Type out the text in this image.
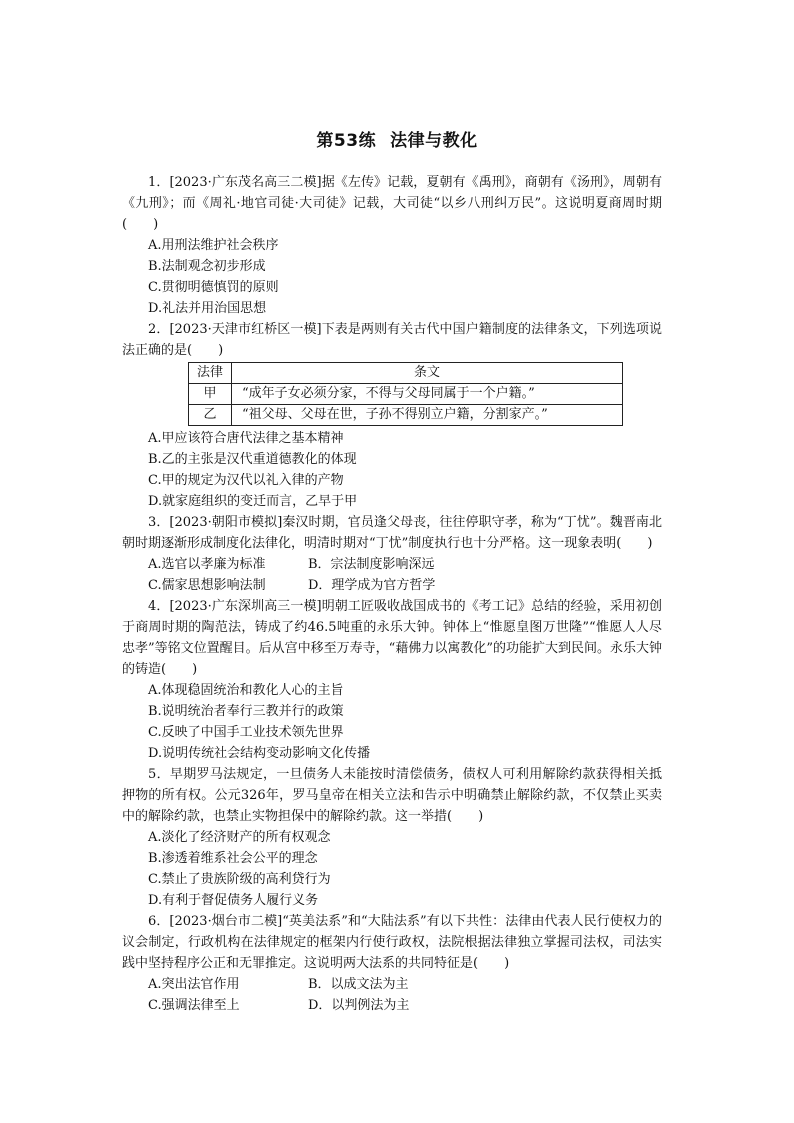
第53练 法律与教化

1．[2023·广东茂名高三二模]据《左传》记载，夏朝有《禹刑》，商朝有《汤刑》，周朝有《九刑》；而《周礼·地官司徒·大司徒》记载，大司徒“以乡八刑纠万民”。这说明夏商周时期(　　)

A.用刑法维护社会秩序

B.法制观念初步形成

C.贯彻明德慎罚的原则

D.礼法并用治国思想

2．[2023·天津市红桥区一模]下表是两则有关古代中国户籍制度的法律条文，下列选项说法正确的是(　　)

法律	条文
甲	“成年子女必须分家，不得与父母同属于一个户籍。”
乙	“祖父母、父母在世，子孙不得别立户籍，分割家产。”

A.甲应该符合唐代法律之基本精神

B.乙的主张是汉代重道德教化的体现

C.甲的规定为汉代以礼入律的产物

D.就家庭组织的变迁而言，乙早于甲

3．[2023·朝阳市模拟]秦汉时期，官员逢父母丧，往往停职守孝，称为“丁忧”。魏晋南北朝时期逐渐形成制度化法律化，明清时期对“丁忧”制度执行也十分严格。这一现象表明(　　)

A.选官以孝廉为标准	B．宗法制度影响深远

C.儒家思想影响法制	D．理学成为官方哲学

4．[2023·广东深圳高三一模]明朝工匠吸收战国成书的《考工记》总结的经验，采用初创于商周时期的陶范法，铸成了约46.5吨重的永乐大钟。钟体上“惟愿皇图万世隆”“惟愿人人尽忠孝”等铭文位置醒目。后从宫中移至万寿寺，“藉佛力以寓教化”的功能扩大到民间。永乐大钟的铸造(　　)

A.体现稳固统治和教化人心的主旨

B.说明统治者奉行三教并行的政策

C.反映了中国手工业技术领先世界

D.说明传统社会结构变动影响文化传播

5．早期罗马法规定，一旦债务人未能按时清偿债务，债权人可利用解除约款获得相关抵押物的所有权。公元326年，罗马皇帝在相关立法和告示中明确禁止解除约款，不仅禁止买卖中的解除约款，也禁止实物担保中的解除约款。这一举措(　　)

A.淡化了经济财产的所有权观念

B.渗透着维系社会公平的理念

C.禁止了贵族阶级的高利贷行为

D.有利于督促债务人履行义务

6．[2023·烟台市二模]“英美法系”和“大陆法系”有以下共性：法律由代表人民行使权力的议会制定，行政机构在法律规定的框架内行使行政权，法院根据法律独立掌握司法权，司法实践中坚持程序公正和无罪推定。这说明两大法系的共同特征是(　　)

A.突出法官作用	B．以成文法为主

C.强调法律至上	D．以判例法为主
